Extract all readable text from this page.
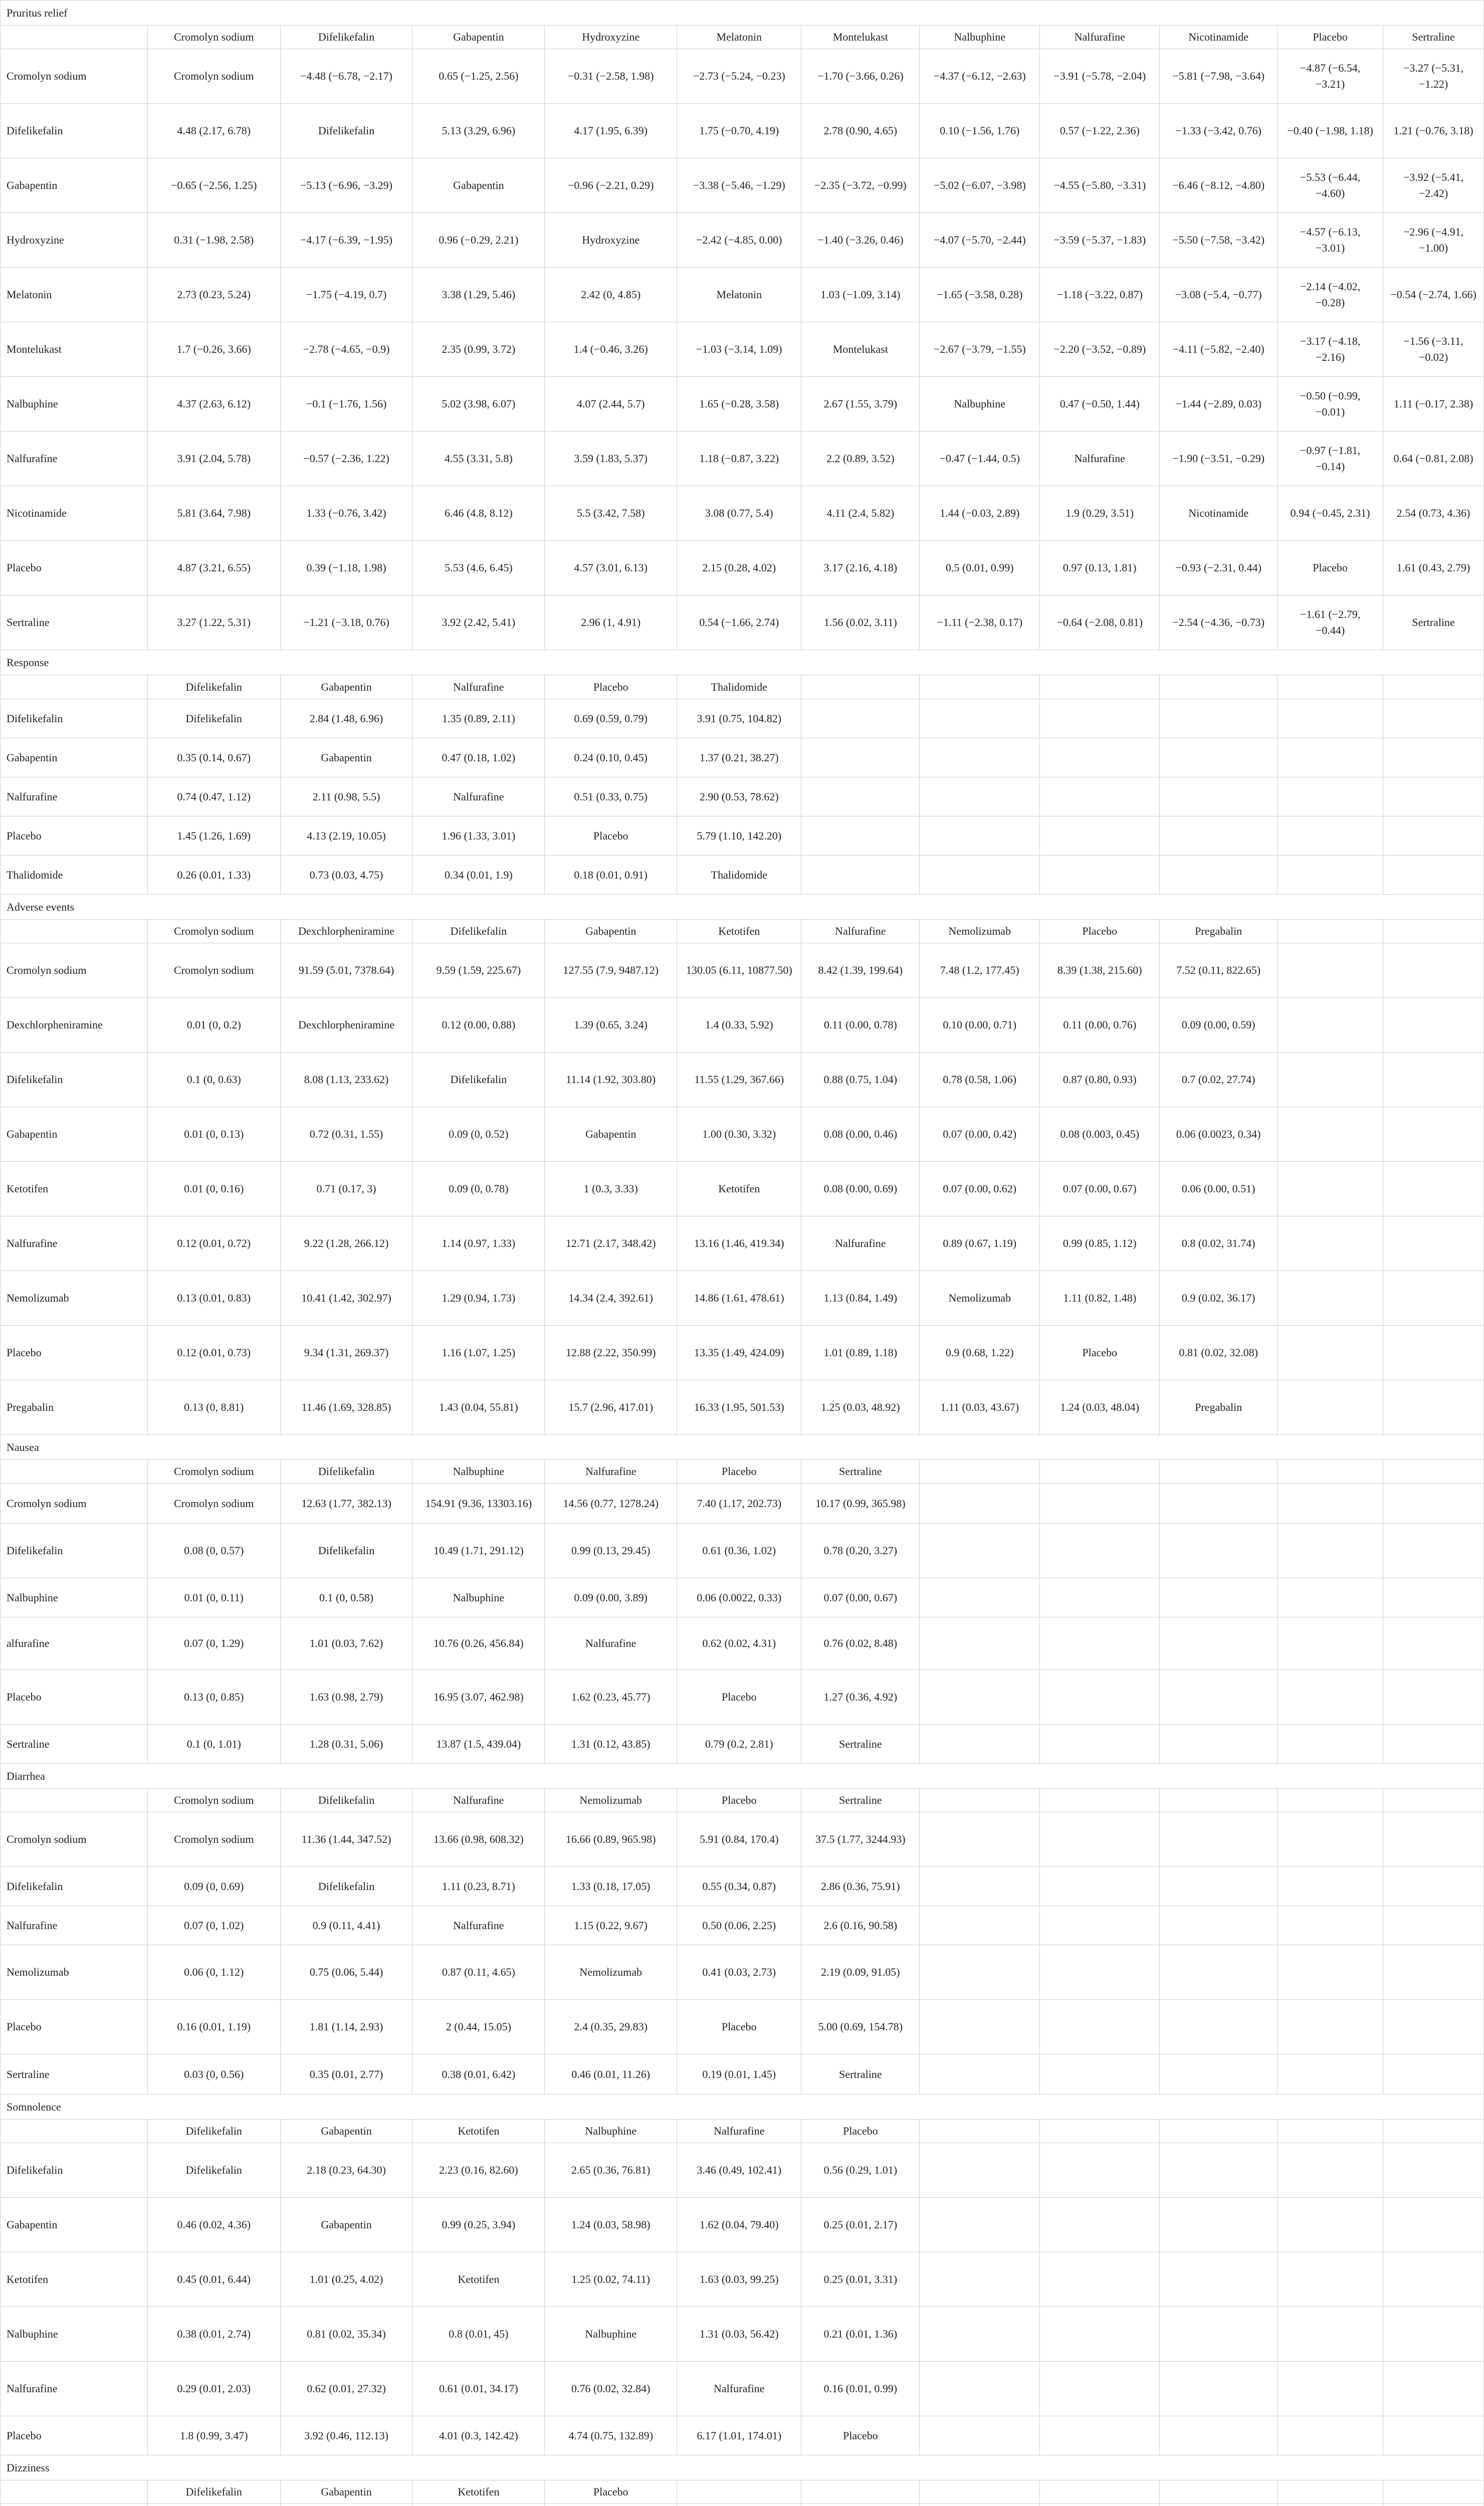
Pruritus relief											
	Cromolyn sodium	Difelikefalin	Gabapentin	Hydroxyzine	Melatonin	Montelukast	Nalbuphine	Nalfurafine	Nicotinamide	Placebo	Sertraline
Cromolyn sodium	Cromolyn sodium	−4.48 (−6.78, −2.17)	0.65 (−1.25, 2.56)	−0.31 (−2.58, 1.98)	−2.73 (−5.24, −0.23)	−1.70 (−3.66, 0.26)	−4.37 (−6.12, −2.63)	−3.91 (−5.78, −2.04)	−5.81 (−7.98, −3.64)	−4.87 (−6.54, −3.21)	−3.27 (−5.31, −1.22)
Difelikefalin	4.48 (2.17, 6.78)	Difelikefalin	5.13 (3.29, 6.96)	4.17 (1.95, 6.39)	1.75 (−0.70, 4.19)	2.78 (0.90, 4.65)	0.10 (−1.56, 1.76)	0.57 (−1.22, 2.36)	−1.33 (−3.42, 0.76)	−0.40 (−1.98, 1.18)	1.21 (−0.76, 3.18)
Gabapentin	−0.65 (−2.56, 1.25)	−5.13 (−6.96, −3.29)	Gabapentin	−0.96 (−2.21, 0.29)	−3.38 (−5.46, −1.29)	−2.35 (−3.72, −0.99)	−5.02 (−6.07, −3.98)	−4.55 (−5.80, −3.31)	−6.46 (−8.12, −4.80)	−5.53 (−6.44, −4.60)	−3.92 (−5.41, −2.42)
Hydroxyzine	0.31 (−1.98, 2.58)	−4.17 (−6.39, −1.95)	0.96 (−0.29, 2.21)	Hydroxyzine	−2.42 (−4.85, 0.00)	−1.40 (−3.26, 0.46)	−4.07 (−5.70, −2.44)	−3.59 (−5.37, −1.83)	−5.50 (−7.58, −3.42)	−4.57 (−6.13, −3.01)	−2.96 (−4.91, −1.00)
Melatonin	2.73 (0.23, 5.24)	−1.75 (−4.19, 0.7)	3.38 (1.29, 5.46)	2.42 (0, 4.85)	Melatonin	1.03 (−1.09, 3.14)	−1.65 (−3.58, 0.28)	−1.18 (−3.22, 0.87)	−3.08 (−5.4, −0.77)	−2.14 (−4.02, −0.28)	−0.54 (−2.74, 1.66)
Montelukast	1.7 (−0.26, 3.66)	−2.78 (−4.65, −0.9)	2.35 (0.99, 3.72)	1.4 (−0.46, 3.26)	−1.03 (−3.14, 1.09)	Montelukast	−2.67 (−3.79, −1.55)	−2.20 (−3.52, −0.89)	−4.11 (−5.82, −2.40)	−3.17 (−4.18, −2.16)	−1.56 (−3.11, −0.02)
Nalbuphine	4.37 (2.63, 6.12)	−0.1 (−1.76, 1.56)	5.02 (3.98, 6.07)	4.07 (2.44, 5.7)	1.65 (−0.28, 3.58)	2.67 (1.55, 3.79)	Nalbuphine	0.47 (−0.50, 1.44)	−1.44 (−2.89, 0.03)	−0.50 (−0.99, −0.01)	1.11 (−0.17, 2.38)
Nalfurafine	3.91 (2.04, 5.78)	−0.57 (−2.36, 1.22)	4.55 (3.31, 5.8)	3.59 (1.83, 5.37)	1.18 (−0.87, 3.22)	2.2 (0.89, 3.52)	−0.47 (−1.44, 0.5)	Nalfurafine	−1.90 (−3.51, −0.29)	−0.97 (−1.81, −0.14)	0.64 (−0.81, 2.08)
Nicotinamide	5.81 (3.64, 7.98)	1.33 (−0.76, 3.42)	6.46 (4.8, 8.12)	5.5 (3.42, 7.58)	3.08 (0.77, 5.4)	4.11 (2.4, 5.82)	1.44 (−0.03, 2.89)	1.9 (0.29, 3.51)	Nicotinamide	0.94 (−0.45, 2.31)	2.54 (0.73, 4.36)
Placebo	4.87 (3.21, 6.55)	0.39 (−1.18, 1.98)	5.53 (4.6, 6.45)	4.57 (3.01, 6.13)	2.15 (0.28, 4.02)	3.17 (2.16, 4.18)	0.5 (0.01, 0.99)	0.97 (0.13, 1.81)	−0.93 (−2.31, 0.44)	Placebo	1.61 (0.43, 2.79)
Sertraline	3.27 (1.22, 5.31)	−1.21 (−3.18, 0.76)	3.92 (2.42, 5.41)	2.96 (1, 4.91)	0.54 (−1.66, 2.74)	1.56 (0.02, 3.11)	−1.11 (−2.38, 0.17)	−0.64 (−2.08, 0.81)	−2.54 (−4.36, −0.73)	−1.61 (−2.79, −0.44)	Sertraline
Response											
	Difelikefalin	Gabapentin	Nalfurafine	Placebo	Thalidomide						
Difelikefalin	Difelikefalin	2.84 (1.48, 6.96)	1.35 (0.89, 2.11)	0.69 (0.59, 0.79)	3.91 (0.75, 104.82)						
Gabapentin	0.35 (0.14, 0.67)	Gabapentin	0.47 (0.18, 1.02)	0.24 (0.10, 0.45)	1.37 (0.21, 38.27)						
Nalfurafine	0.74 (0.47, 1.12)	2.11 (0.98, 5.5)	Nalfurafine	0.51 (0.33, 0.75)	2.90 (0.53, 78.62)						
Placebo	1.45 (1.26, 1.69)	4.13 (2.19, 10.05)	1.96 (1.33, 3.01)	Placebo	5.79 (1.10, 142.20)						
Thalidomide	0.26 (0.01, 1.33)	0.73 (0.03, 4.75)	0.34 (0.01, 1.9)	0.18 (0.01, 0.91)	Thalidomide						
Adverse events											
	Cromolyn sodium	Dexchlorpheniramine	Difelikefalin	Gabapentin	Ketotifen	Nalfurafine	Nemolizumab	Placebo	Pregabalin		
Cromolyn sodium	Cromolyn sodium	91.59 (5.01, 7378.64)	9.59 (1.59, 225.67)	127.55 (7.9, 9487.12)	130.05 (6.11, 10877.50)	8.42 (1.39, 199.64)	7.48 (1.2, 177.45)	8.39 (1.38, 215.60)	7.52 (0.11, 822.65)		
Dexchlorpheniramine	0.01 (0, 0.2)	Dexchlorpheniramine	0.12 (0.00, 0.88)	1.39 (0.65, 3.24)	1.4 (0.33, 5.92)	0.11 (0.00, 0.78)	0.10 (0.00, 0.71)	0.11 (0.00, 0.76)	0.09 (0.00, 0.59)		
Difelikefalin	0.1 (0, 0.63)	8.08 (1.13, 233.62)	Difelikefalin	11.14 (1.92, 303.80)	11.55 (1.29, 367.66)	0.88 (0.75, 1.04)	0.78 (0.58, 1.06)	0.87 (0.80, 0.93)	0.7 (0.02, 27.74)		
Gabapentin	0.01 (0, 0.13)	0.72 (0.31, 1.55)	0.09 (0, 0.52)	Gabapentin	1.00 (0.30, 3.32)	0.08 (0.00, 0.46)	0.07 (0.00, 0.42)	0.08 (0.003, 0.45)	0.06 (0.0023, 0.34)		
Ketotifen	0.01 (0, 0.16)	0.71 (0.17, 3)	0.09 (0, 0.78)	1 (0.3, 3.33)	Ketotifen	0.08 (0.00, 0.69)	0.07 (0.00, 0.62)	0.07 (0.00, 0.67)	0.06 (0.00, 0.51)		
Nalfurafine	0.12 (0.01, 0.72)	9.22 (1.28, 266.12)	1.14 (0.97, 1.33)	12.71 (2.17, 348.42)	13.16 (1.46, 419.34)	Nalfurafine	0.89 (0.67, 1.19)	0.99 (0.85, 1.12)	0.8 (0.02, 31.74)		
Nemolizumab	0.13 (0.01, 0.83)	10.41 (1.42, 302.97)	1.29 (0.94, 1.73)	14.34 (2.4, 392.61)	14.86 (1.61, 478.61)	1.13 (0.84, 1.49)	Nemolizumab	1.11 (0.82, 1.48)	0.9 (0.02, 36.17)		
Placebo	0.12 (0.01, 0.73)	9.34 (1.31, 269.37)	1.16 (1.07, 1.25)	12.88 (2.22, 350.99)	13.35 (1.49, 424.09)	1.01 (0.89, 1.18)	0.9 (0.68, 1.22)	Placebo	0.81 (0.02, 32.08)		
Pregabalin	0.13 (0, 8.81)	11.46 (1.69, 328.85)	1.43 (0.04, 55.81)	15.7 (2.96, 417.01)	16.33 (1.95, 501.53)	1.25 (0.03, 48.92)	1.11 (0.03, 43.67)	1.24 (0.03, 48.04)	Pregabalin		
Nausea											
	Cromolyn sodium	Difelikefalin	Nalbuphine	Nalfurafine	Placebo	Sertraline					
Cromolyn sodium	Cromolyn sodium	12.63 (1.77, 382.13)	154.91 (9.36, 13303.16)	14.56 (0.77, 1278.24)	7.40 (1.17, 202.73)	10.17 (0.99, 365.98)					
Difelikefalin	0.08 (0, 0.57)	Difelikefalin	10.49 (1.71, 291.12)	0.99 (0.13, 29.45)	0.61 (0.36, 1.02)	0.78 (0.20, 3.27)					
Nalbuphine	0.01 (0, 0.11)	0.1 (0, 0.58)	Nalbuphine	0.09 (0.00, 3.89)	0.06 (0.0022, 0.33)	0.07 (0.00, 0.67)					
alfurafine	0.07 (0, 1.29)	1.01 (0.03, 7.62)	10.76 (0.26, 456.84)	Nalfurafine	0.62 (0.02, 4.31)	0.76 (0.02, 8.48)					
Placebo	0.13 (0, 0.85)	1.63 (0.98, 2.79)	16.95 (3.07, 462.98)	1.62 (0.23, 45.77)	Placebo	1.27 (0.36, 4.92)					
Sertraline	0.1 (0, 1.01)	1.28 (0.31, 5.06)	13.87 (1.5, 439.04)	1.31 (0.12, 43.85)	0.79 (0.2, 2.81)	Sertraline					
Diarrhea											
	Cromolyn sodium	Difelikefalin	Nalfurafine	Nemolizumab	Placebo	Sertraline					
Cromolyn sodium	Cromolyn sodium	11.36 (1.44, 347.52)	13.66 (0.98, 608.32)	16.66 (0.89, 965.98)	5.91 (0.84, 170.4)	37.5 (1.77, 3244.93)					
Difelikefalin	0.09 (0, 0.69)	Difelikefalin	1.11 (0.23, 8.71)	1.33 (0.18, 17.05)	0.55 (0.34, 0.87)	2.86 (0.36, 75.91)					
Nalfurafine	0.07 (0, 1.02)	0.9 (0.11, 4.41)	Nalfurafine	1.15 (0.22, 9.67)	0.50 (0.06, 2.25)	2.6 (0.16, 90.58)					
Nemolizumab	0.06 (0, 1.12)	0.75 (0.06, 5.44)	0.87 (0.11, 4.65)	Nemolizumab	0.41 (0.03, 2.73)	2.19 (0.09, 91.05)					
Placebo	0.16 (0.01, 1.19)	1.81 (1.14, 2.93)	2 (0.44, 15.05)	2.4 (0.35, 29.83)	Placebo	5.00 (0.69, 154.78)					
Sertraline	0.03 (0, 0.56)	0.35 (0.01, 2.77)	0.38 (0.01, 6.42)	0.46 (0.01, 11.26)	0.19 (0.01, 1.45)	Sertraline					
Somnolence											
	Difelikefalin	Gabapentin	Ketotifen	Nalbuphine	Nalfurafine	Placebo					
Difelikefalin	Difelikefalin	2.18 (0.23, 64.30)	2.23 (0.16, 82.60)	2.65 (0.36, 76.81)	3.46 (0.49, 102.41)	0.56 (0.29, 1.01)					
Gabapentin	0.46 (0.02, 4.36)	Gabapentin	0.99 (0.25, 3.94)	1.24 (0.03, 58.98)	1.62 (0.04, 79.40)	0.25 (0.01, 2.17)					
Ketotifen	0.45 (0.01, 6.44)	1.01 (0.25, 4.02)	Ketotifen	1.25 (0.02, 74.11)	1.63 (0.03, 99.25)	0.25 (0.01, 3.31)					
Nalbuphine	0.38 (0.01, 2.74)	0.81 (0.02, 35.34)	0.8 (0.01, 45)	Nalbuphine	1.31 (0.03, 56.42)	0.21 (0.01, 1.36)					
Nalfurafine	0.29 (0.01, 2.03)	0.62 (0.01, 27.32)	0.61 (0.01, 34.17)	0.76 (0.02, 32.84)	Nalfurafine	0.16 (0.01, 0.99)					
Placebo	1.8 (0.99, 3.47)	3.92 (0.46, 112.13)	4.01 (0.3, 142.42)	4.74 (0.75, 132.89)	6.17 (1.01, 174.01)	Placebo					
Dizziness											
	Difelikefalin	Gabapentin	Ketotifen	Placebo							
